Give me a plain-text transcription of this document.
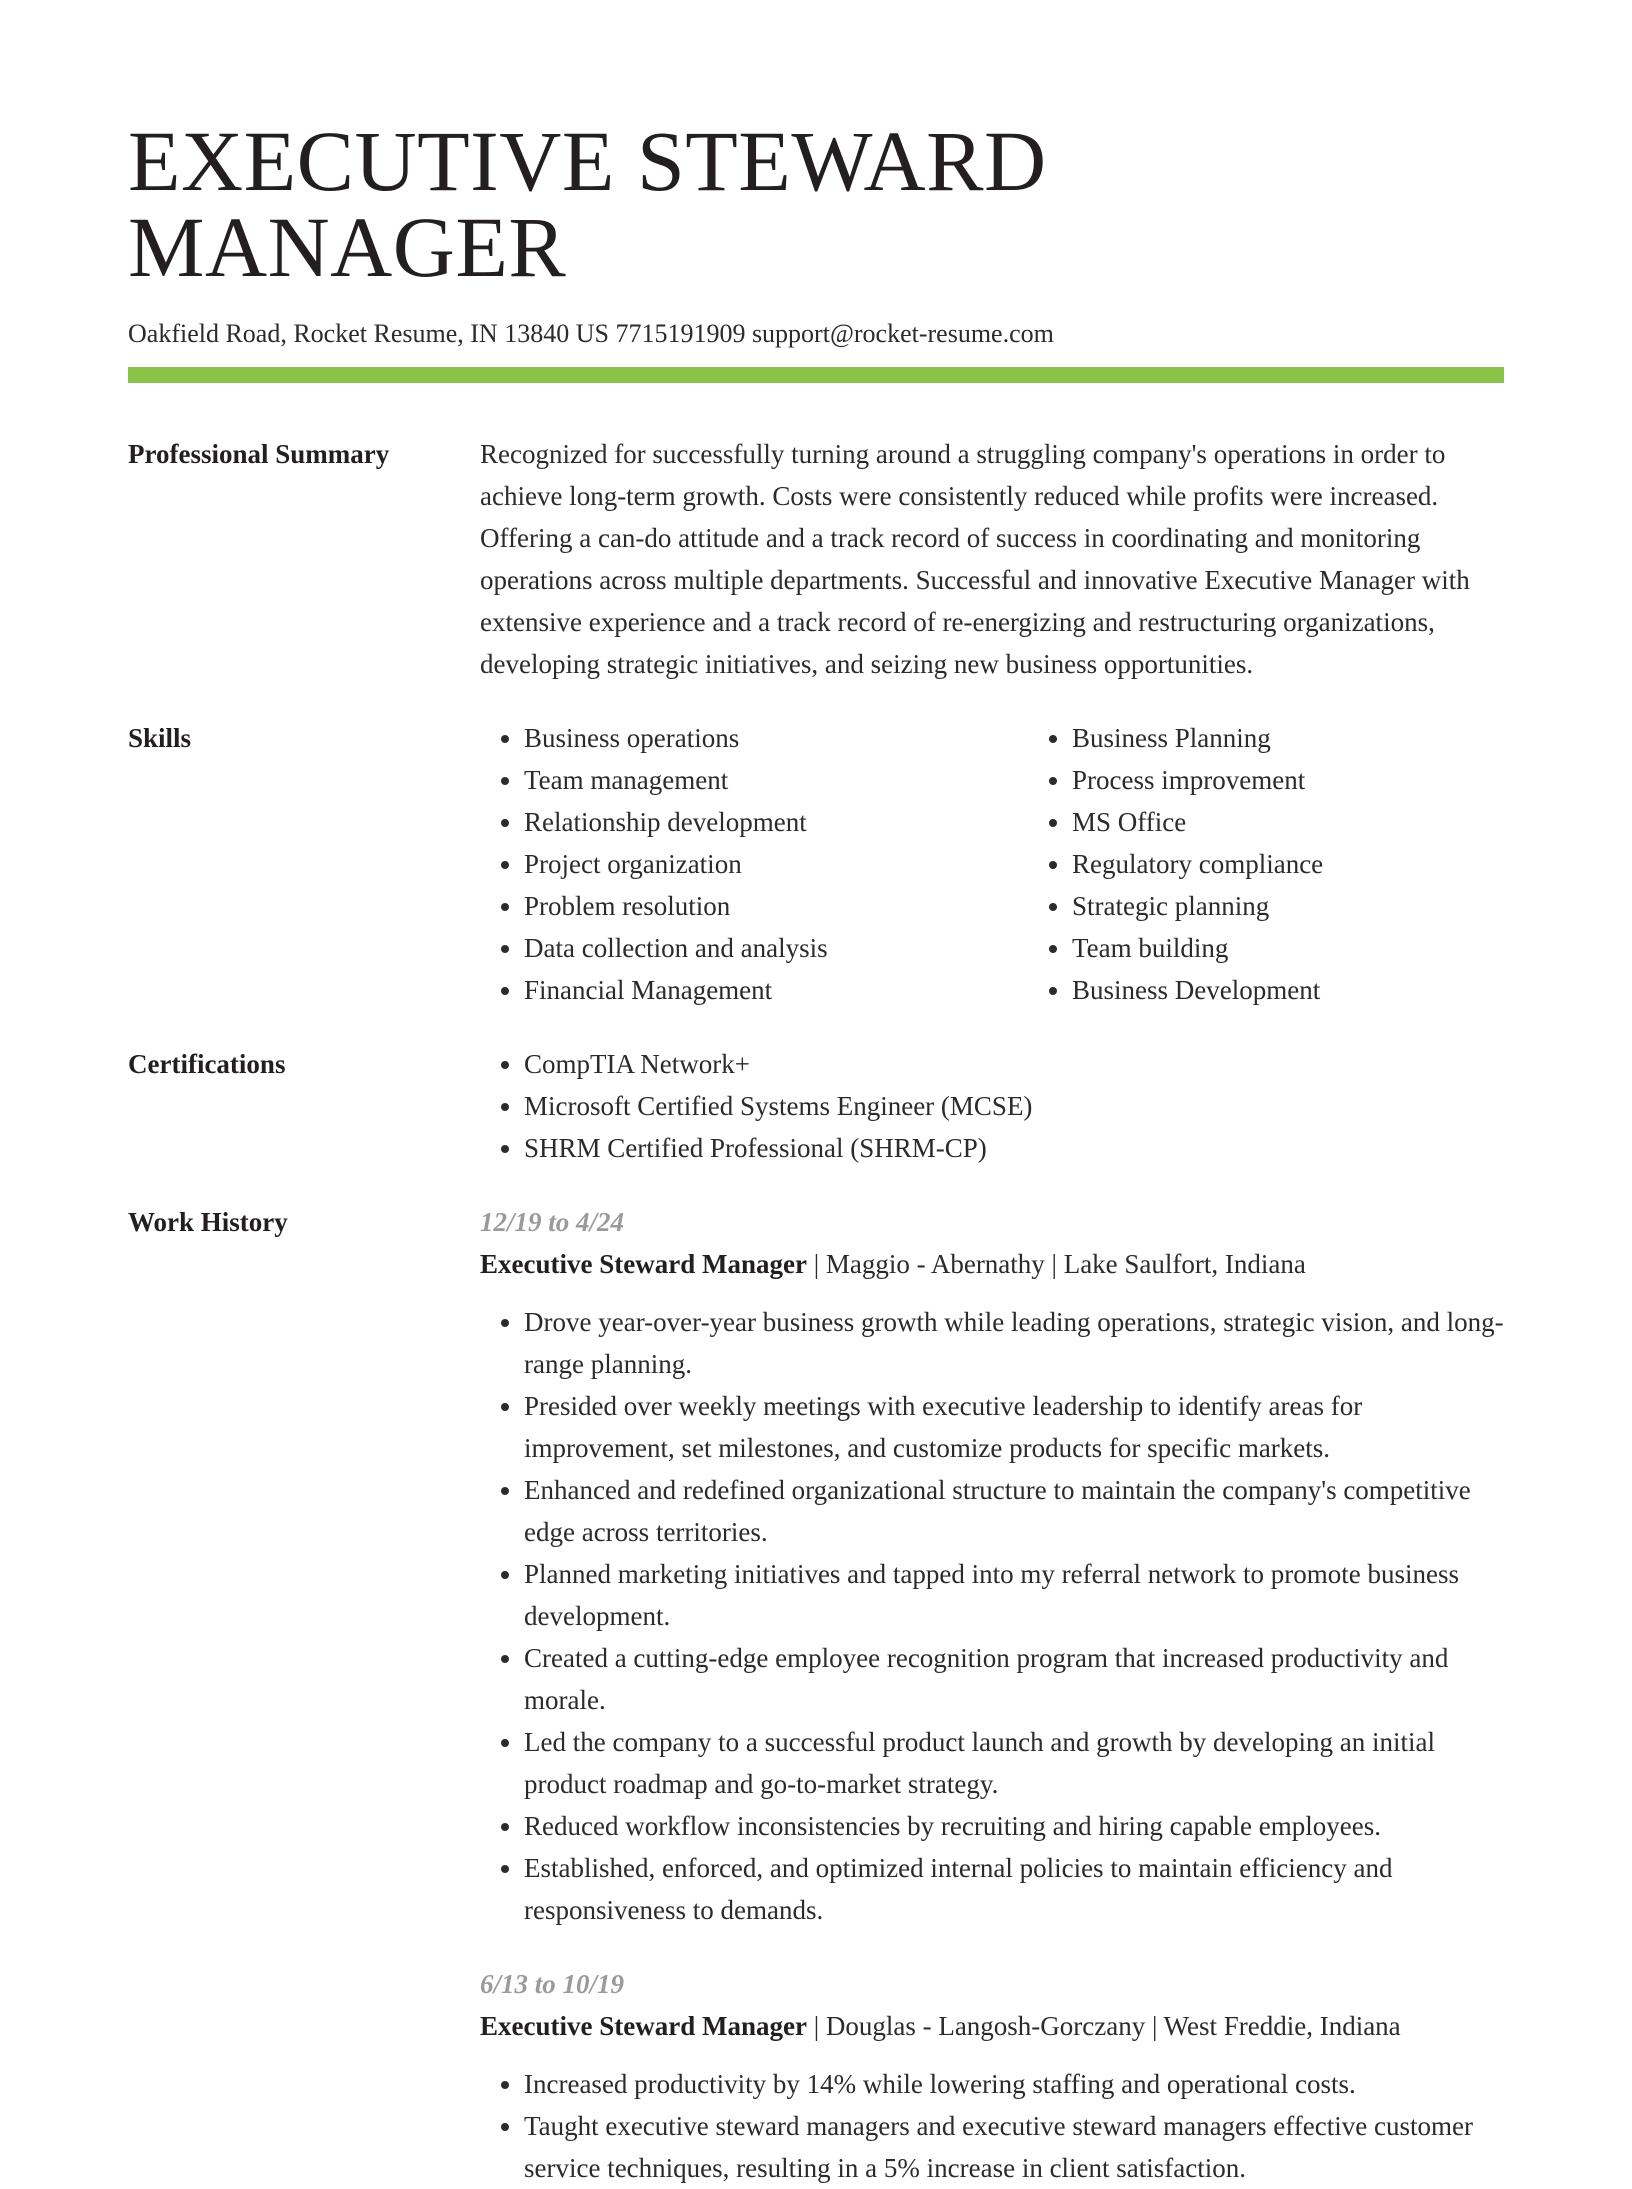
EXECUTIVE STEWARD MANAGER
Oakfield Road, Rocket Resume, IN 13840 US 7715191909 support@rocket-resume.com
Professional Summary	Recognized for successfully turning around a struggling company's operations in order to achieve long-term growth. Costs were consistently reduced while profits were increased. Offering a can-do attitude and a track record of success in coordinating and monitoring operations across multiple departments. Successful and innovative Executive Manager with extensive experience and a track record of re-energizing and restructuring organizations, developing strategic initiatives, and seizing new business opportunities.

Skills	• Business operations
• Team management
• Relationship development
• Project organization
• Problem resolution
• Data collection and analysis
• Financial Management
• Business Planning
• Process improvement
• MS Office
• Regulatory compliance
• Strategic planning
• Team building
• Business Development
Certifications	• CompTIA Network+
• Microsoft Certified Systems Engineer (MCSE)
• SHRM Certified Professional (SHRM-CP)
Work History	12/19 to 4/24
Executive Steward Manager | Maggio - Abernathy | Lake Saulfort, Indiana
• Drove year-over-year business growth while leading operations, strategic vision, and long-range planning.
• Presided over weekly meetings with executive leadership to identify areas for improvement, set milestones, and customize products for specific markets.
• Enhanced and redefined organizational structure to maintain the company's competitive edge across territories.
• Planned marketing initiatives and tapped into my referral network to promote business development.
• Created a cutting-edge employee recognition program that increased productivity and morale.
• Led the company to a successful product launch and growth by developing an initial product roadmap and go-to-market strategy.
• Reduced workflow inconsistencies by recruiting and hiring capable employees.
• Established, enforced, and optimized internal policies to maintain efficiency and responsiveness to demands.
6/13 to 10/19
Executive Steward Manager | Douglas - Langosh-Gorczany | West Freddie, Indiana
• Increased productivity by 14% while lowering staffing and operational costs.
• Taught executive steward managers and executive steward managers effective customer service techniques, resulting in a 5% increase in client satisfaction.
